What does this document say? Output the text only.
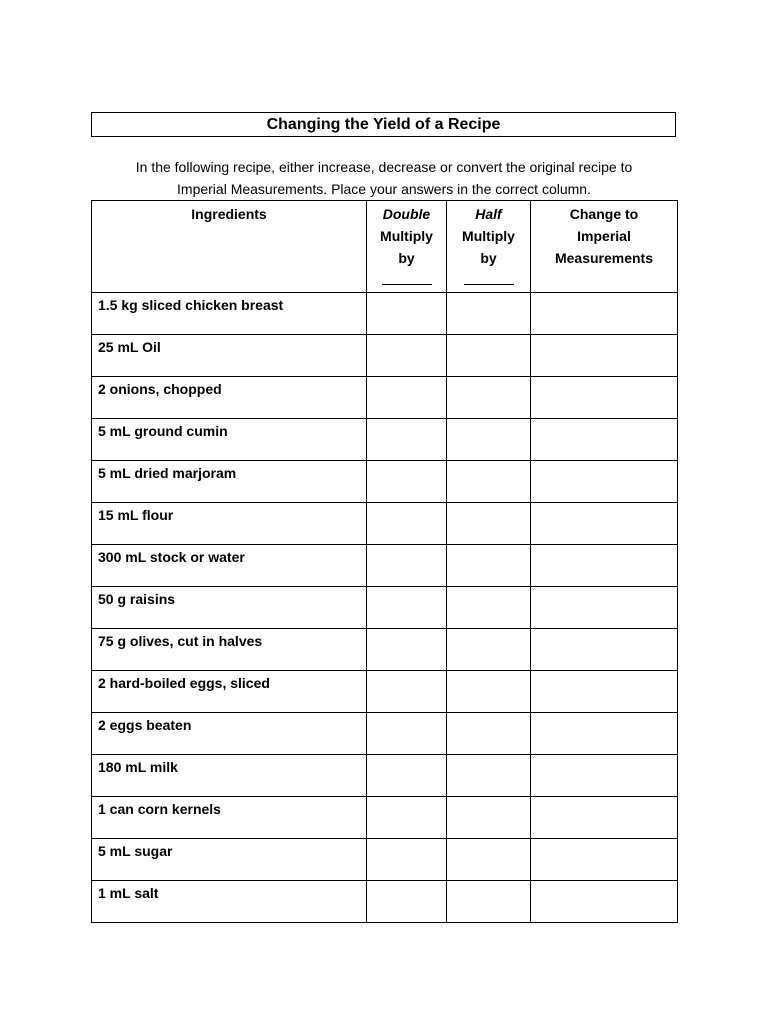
Changing the Yield of a Recipe
In the following recipe, either increase, decrease or convert the original recipe to
Imperial Measurements. Place your answers in the correct column.
Ingredients	Double
Multiply
by	Half
Multiply
by	Change to
Imperial
Measurements

1.5 kg sliced chicken breast			
25 mL Oil			
2 onions, chopped			
5 mL ground cumin			
5 mL dried marjoram			
15 mL flour			
300 mL stock or water			
50 g raisins			
75 g olives, cut in halves			
2 hard-boiled eggs, sliced			
2 eggs beaten			
180 mL milk			
1 can corn kernels			
5 mL sugar			
1 mL salt			
